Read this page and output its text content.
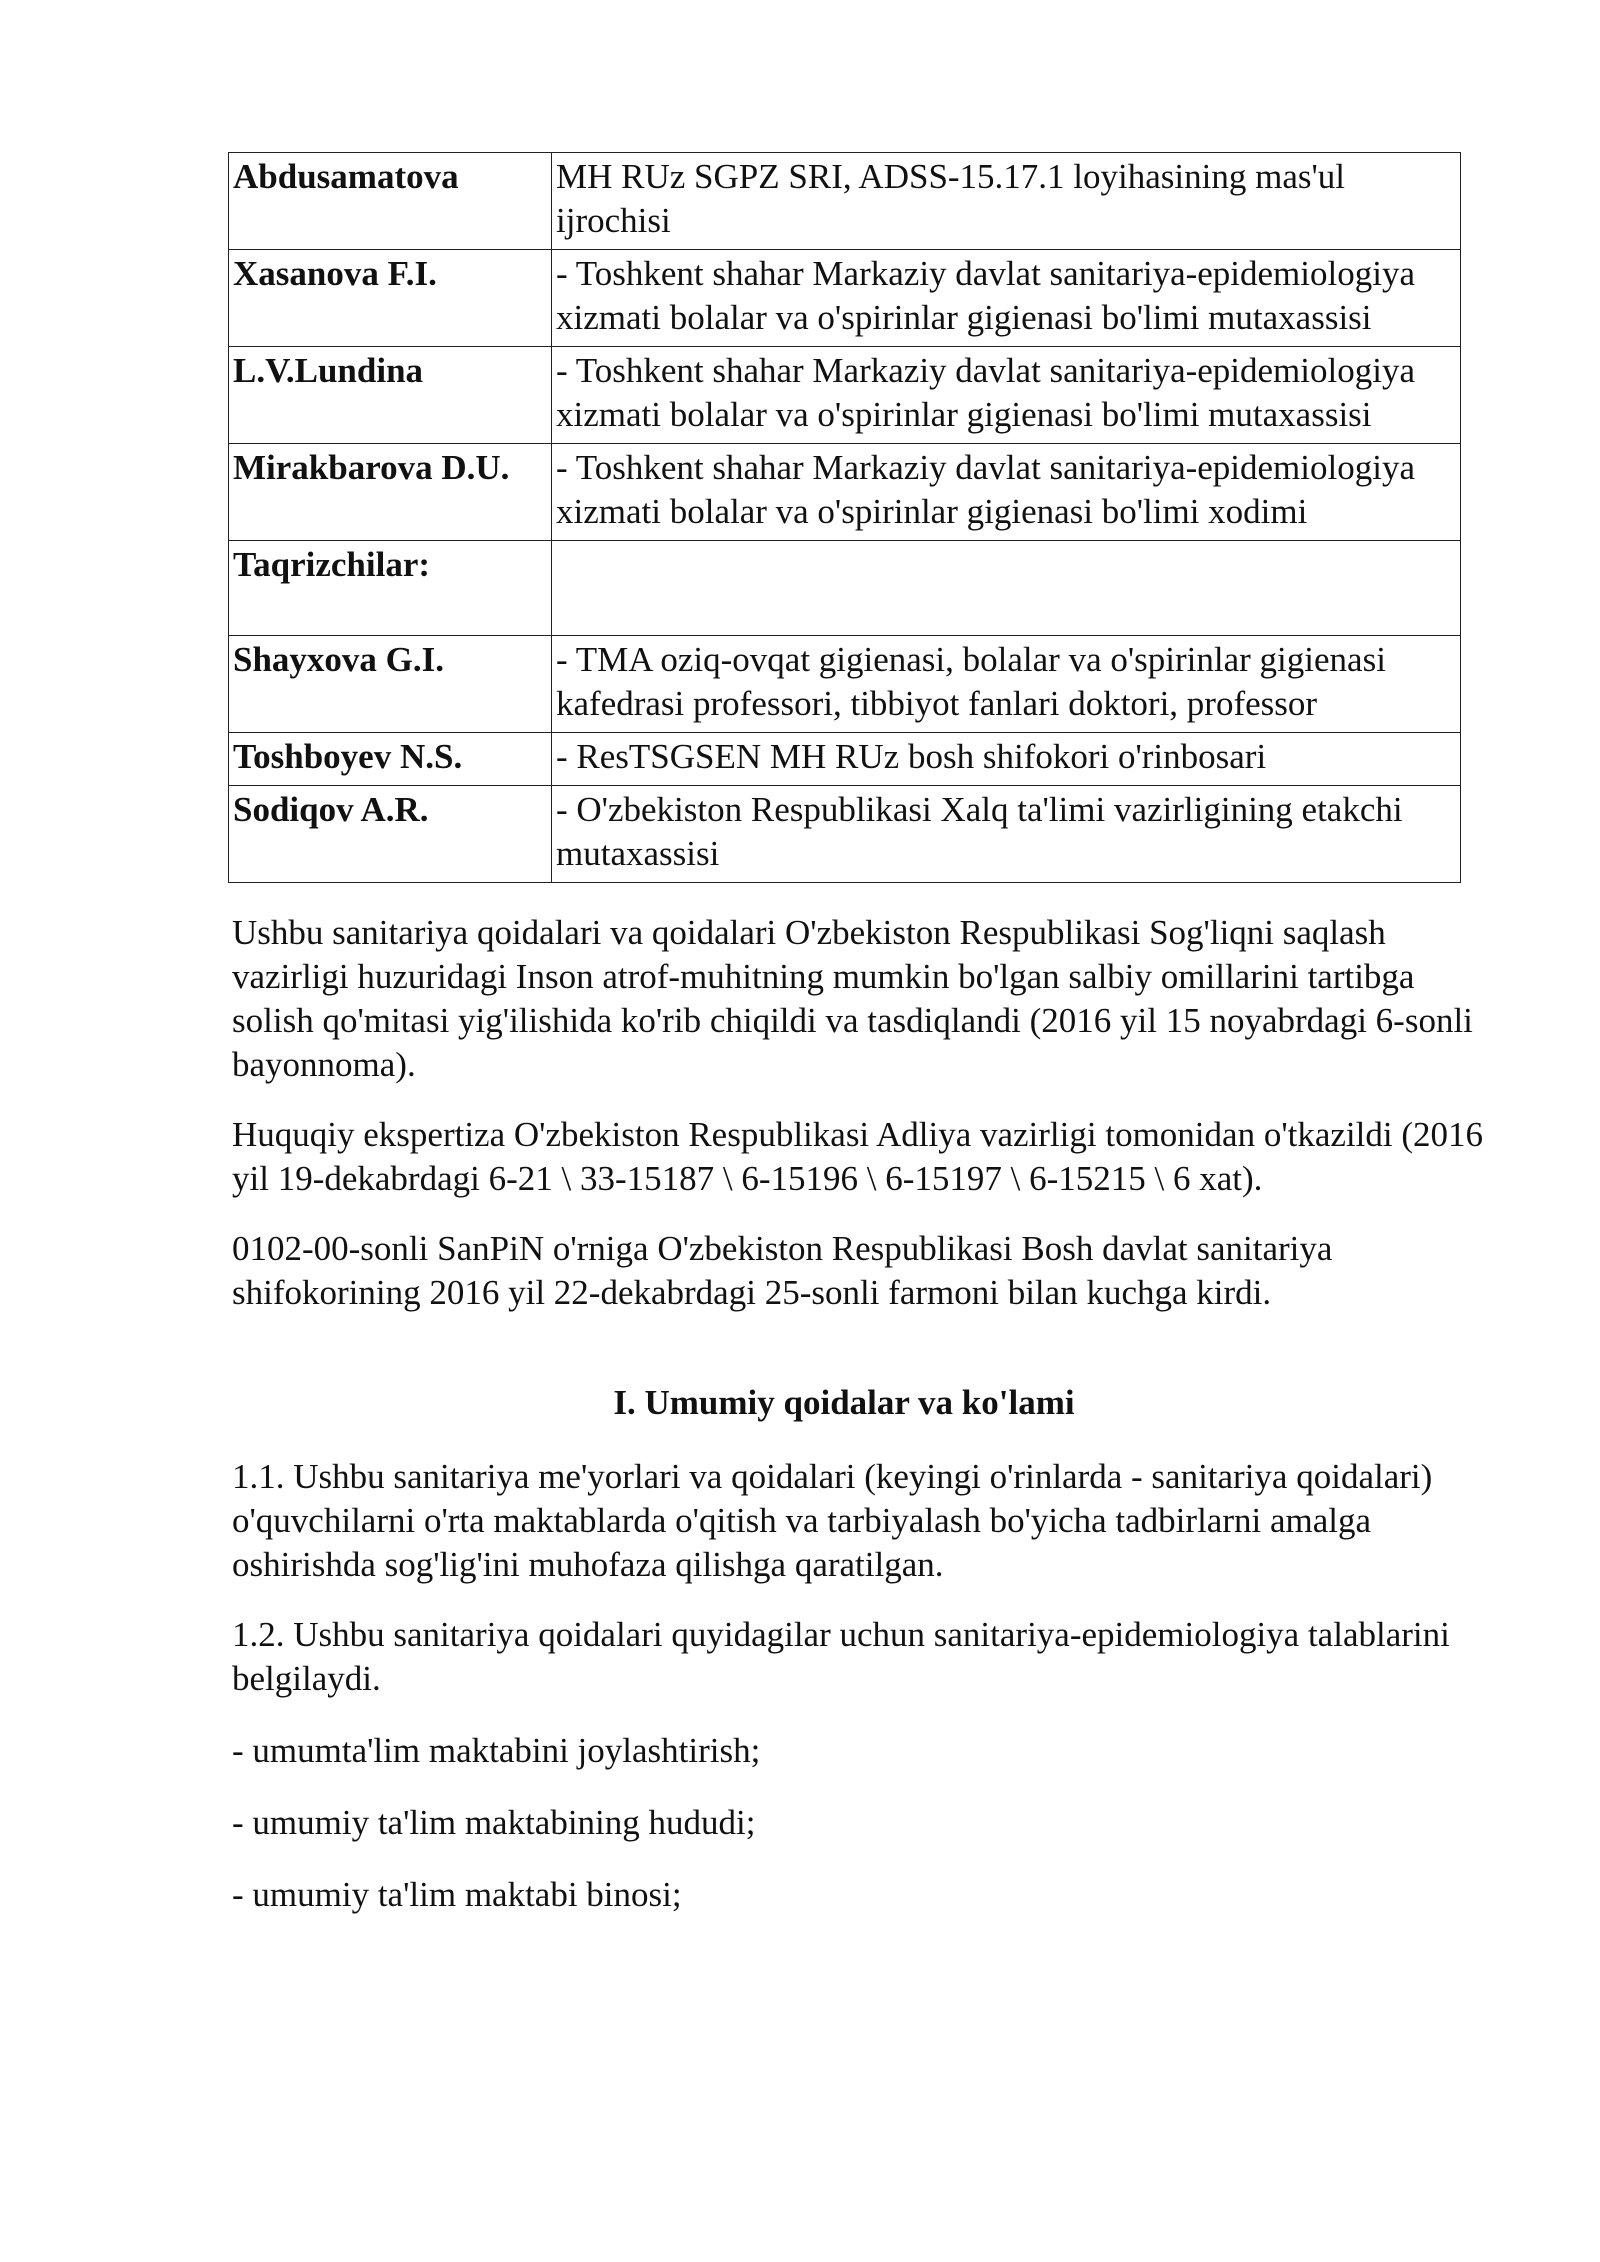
Abdusamatova	MH RUz SGPZ SRI, ADSS-15.17.1 loyihasining mas'ul ijrochisi
Xasanova F.I.	- Toshkent shahar Markaziy davlat sanitariya-epidemiologiya xizmati bolalar va o'spirinlar gigienasi bo'limi mutaxassisi
L.V.Lundina	- Toshkent shahar Markaziy davlat sanitariya-epidemiologiya xizmati bolalar va o'spirinlar gigienasi bo'limi mutaxassisi
Mirakbarova D.U.	- Toshkent shahar Markaziy davlat sanitariya-epidemiologiya xizmati bolalar va o'spirinlar gigienasi bo'limi xodimi
Taqrizchilar:	
Shayxova G.I.	- TMA oziq-ovqat gigienasi, bolalar va o'spirinlar gigienasi kafedrasi professori, tibbiyot fanlari doktori, professor
Toshboyev N.S.	- ResTSGSEN MH RUz bosh shifokori o'rinbosari
Sodiqov A.R.	- O'zbekiston Respublikasi Xalq ta'limi vazirligining etakchi mutaxassisi

Ushbu sanitariya qoidalari va qoidalari O'zbekiston Respublikasi Sog'liqni saqlash vazirligi huzuridagi Inson atrof-muhitning mumkin bo'lgan salbiy omillarini tartibga solish qo'mitasi yig'ilishida ko'rib chiqildi va tasdiqlandi (2016 yil 15 noyabrdagi 6-sonli bayonnoma).

Huquqiy ekspertiza O'zbekiston Respublikasi Adliya vazirligi tomonidan o'tkazildi (2016 yil 19-dekabrdagi 6-21 \ 33-15187 \ 6-15196 \ 6-15197 \ 6-15215 \ 6 xat).

0102-00-sonli SanPiN o'rniga O'zbekiston Respublikasi Bosh davlat sanitariya shifokorining 2016 yil 22-dekabrdagi 25-sonli farmoni bilan kuchga kirdi.

I. Umumiy qoidalar va ko'lami

1.1. Ushbu sanitariya me'yorlari va qoidalari (keyingi o'rinlarda - sanitariya qoidalari) o'quvchilarni o'rta maktablarda o'qitish va tarbiyalash bo'yicha tadbirlarni amalga oshirishda sog'lig'ini muhofaza qilishga qaratilgan.

1.2. Ushbu sanitariya qoidalari quyidagilar uchun sanitariya-epidemiologiya talablarini belgilaydi.

- umumta'lim maktabini joylashtirish;

- umumiy ta'lim maktabining hududi;

- umumiy ta'lim maktabi binosi;
